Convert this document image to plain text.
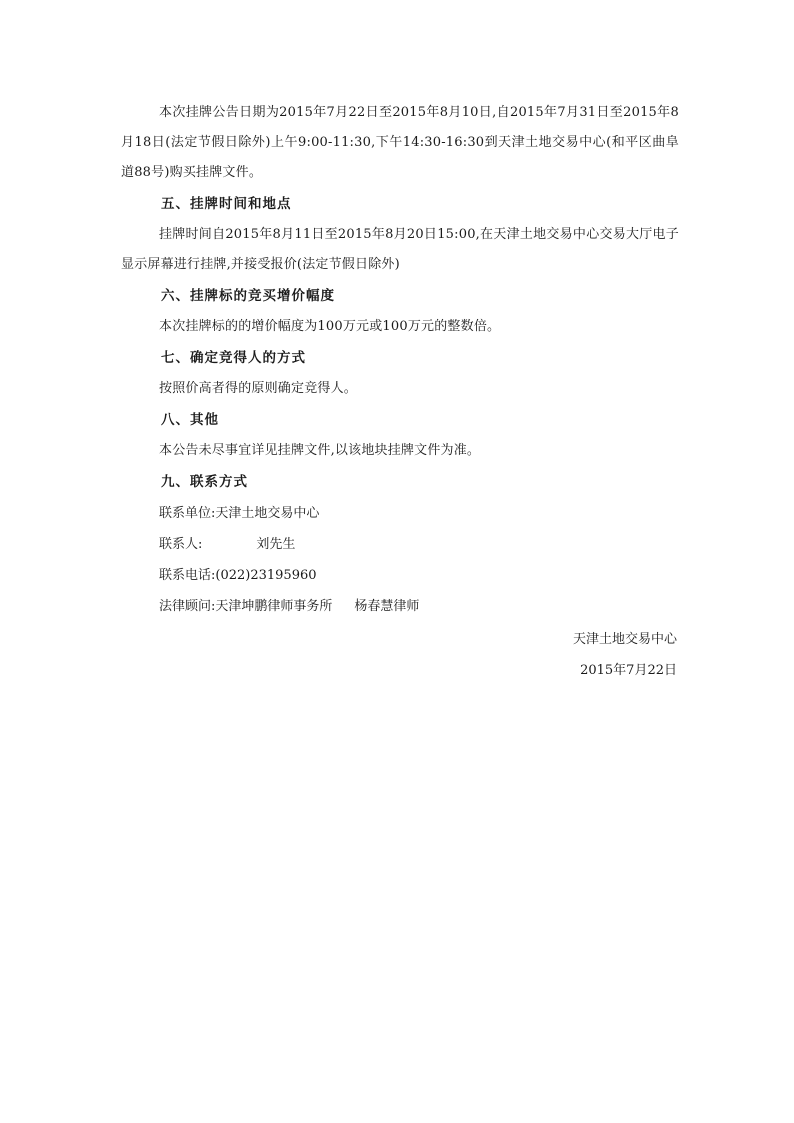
本次挂牌公告日期为2015年7月22日至2015年8月10日,自2015年7月31日至2015年8月18日(法定节假日除外)上午9:00-11:30,下午14:30-16:30到天津土地交易中心(和平区曲阜道88号)购买挂牌文件。

五、挂牌时间和地点

挂牌时间自2015年8月11日至2015年8月20日15:00,在天津土地交易中心交易大厅电子显示屏幕进行挂牌,并接受报价(法定节假日除外)

六、挂牌标的竞买增价幅度

本次挂牌标的的增价幅度为100万元或100万元的整数倍。

七、确定竞得人的方式

按照价高者得的原则确定竞得人。

八、其他

本公告未尽事宜详见挂牌文件,以该地块挂牌文件为准。

九、联系方式

联系单位:天津土地交易中心

联系人:	刘先生

联系电话:(022)23195960

法律顾问:天津坤鹏律师事务所 杨春慧律师

天津土地交易中心

2015年7月22日
